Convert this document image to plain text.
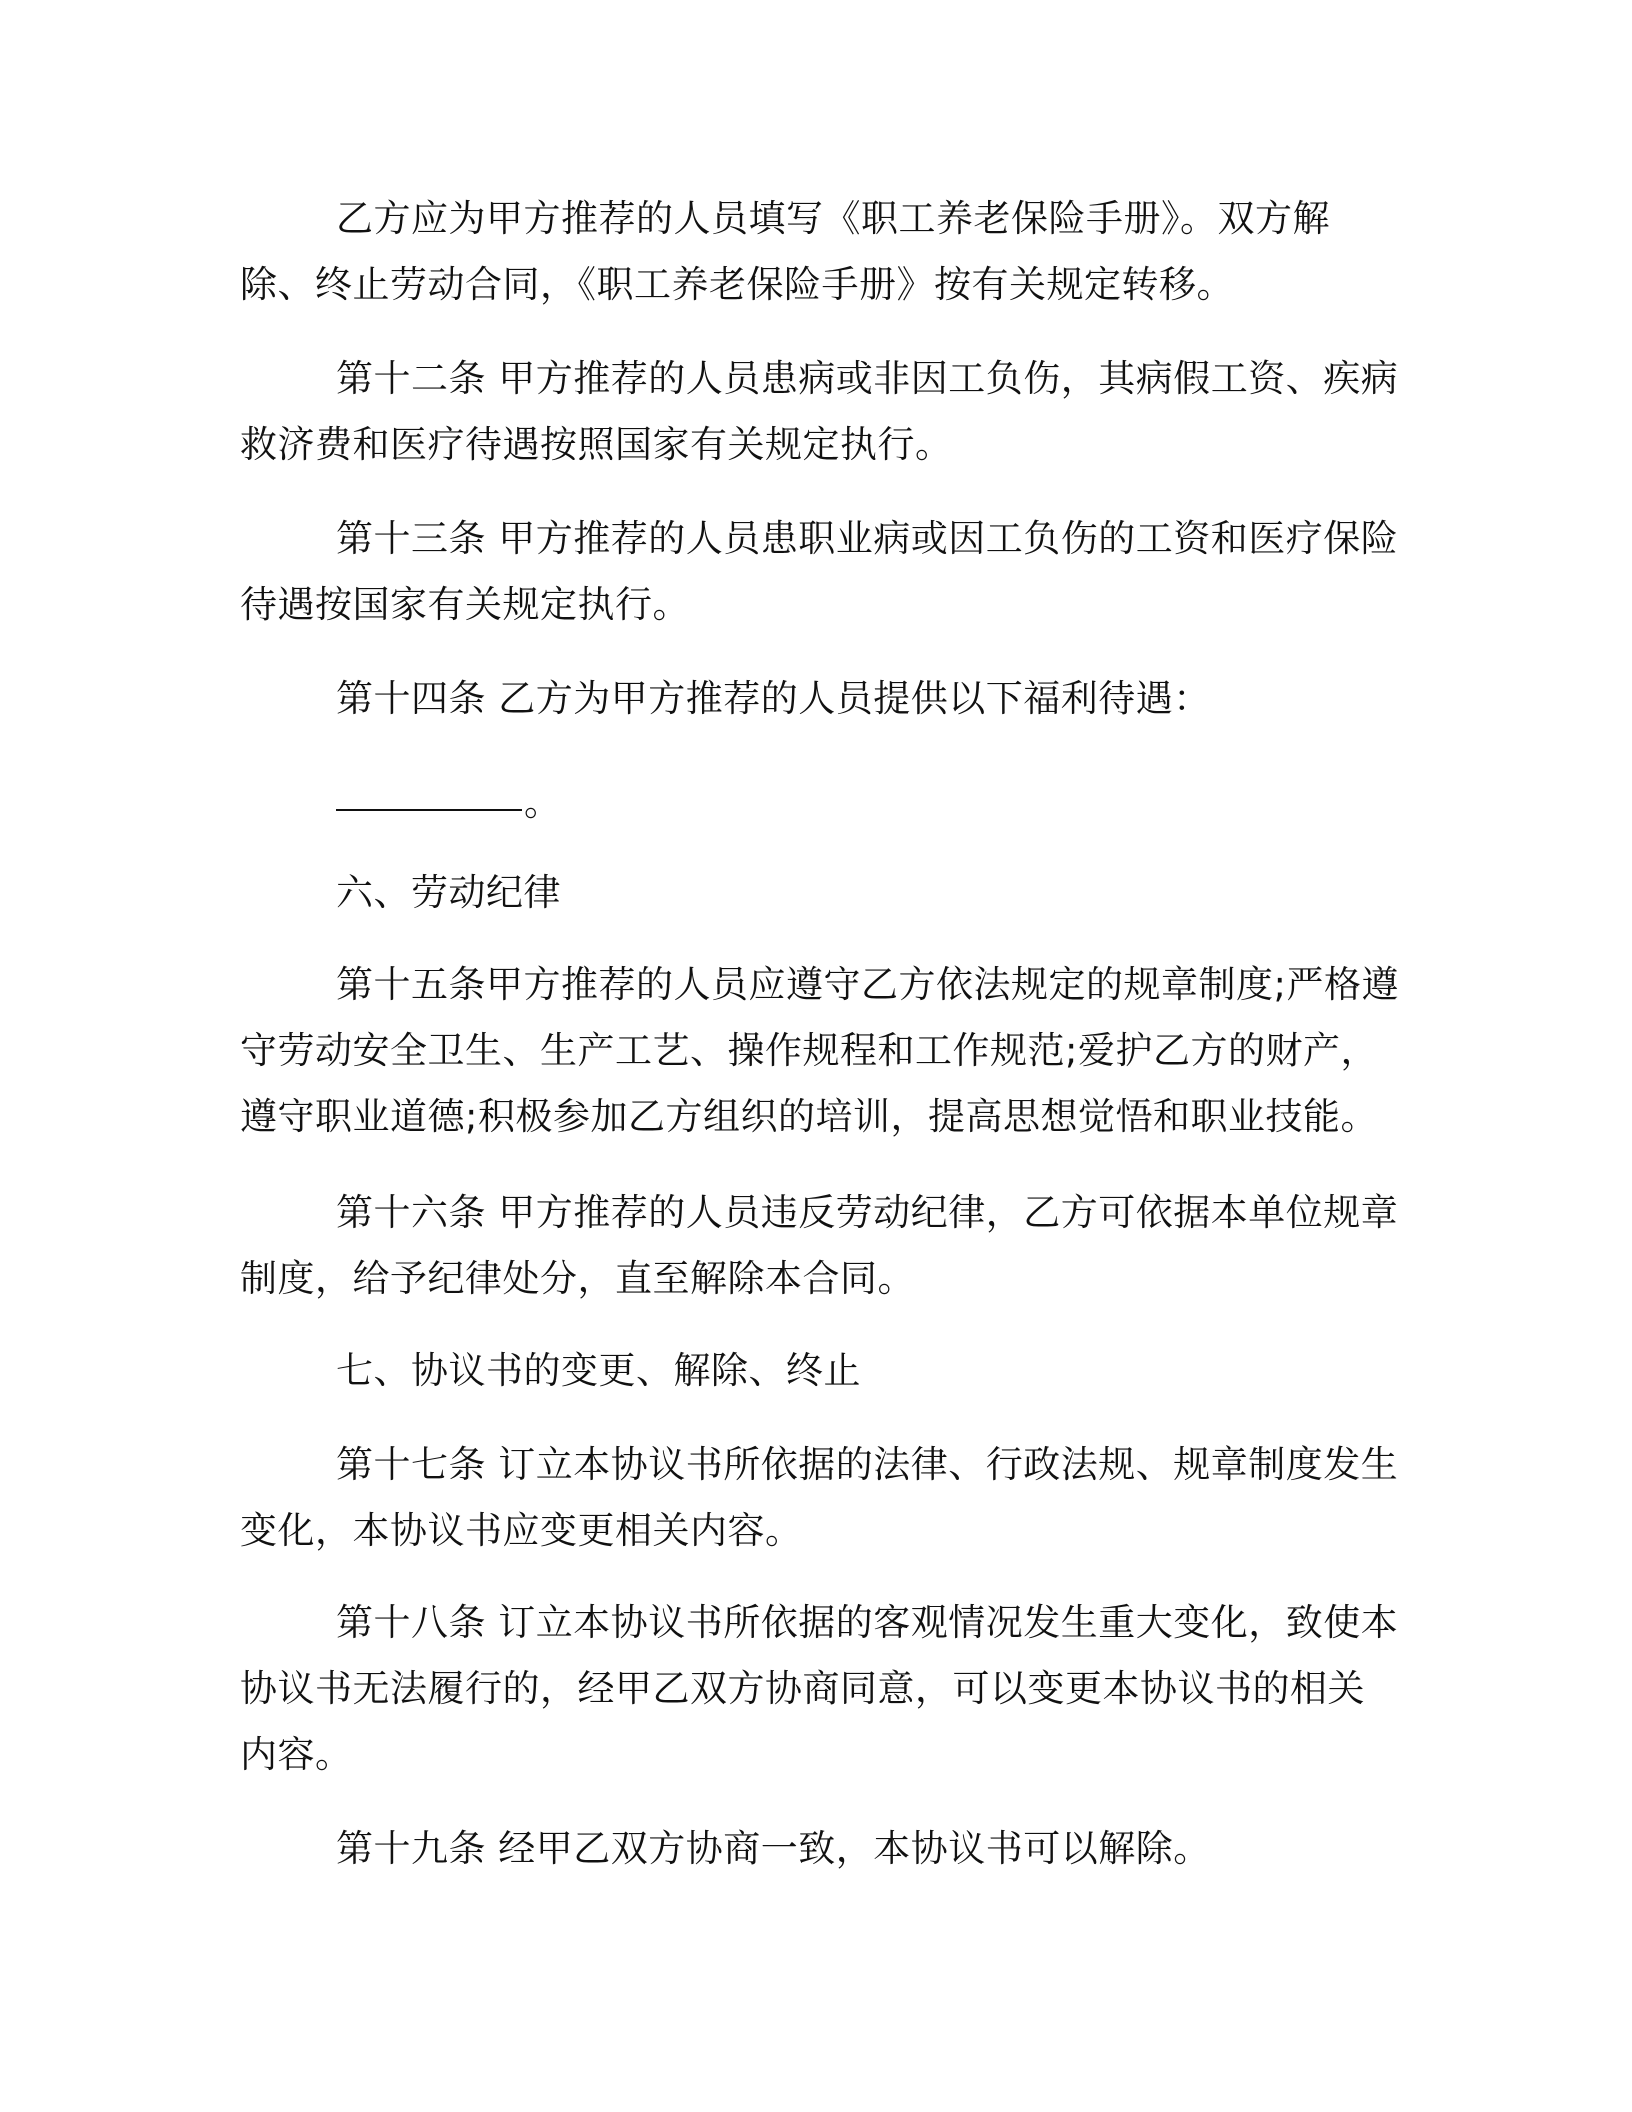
乙方应为甲方推荐的人员填写《职工养老保险手册》。双方解除、终止劳动合同，《职工养老保险手册》按有关规定转移。

第十二条 甲方推荐的人员患病或非因工负伤，其病假工资、疾病救济费和医疗待遇按照国家有关规定执行。

第十三条 甲方推荐的人员患职业病或因工负伤的工资和医疗保险待遇按国家有关规定执行。

第十四条 乙方为甲方推荐的人员提供以下福利待遇：

。

六、劳动纪律

第十五条甲方推荐的人员应遵守乙方依法规定的规章制度;严格遵守劳动安全卫生、生产工艺、操作规程和工作规范;爱护乙方的财产，遵守职业道德;积极参加乙方组织的培训，提高思想觉悟和职业技能。

第十六条 甲方推荐的人员违反劳动纪律，乙方可依据本单位规章制度，给予纪律处分，直至解除本合同。

七、协议书的变更、解除、终止

第十七条 订立本协议书所依据的法律、行政法规、规章制度发生变化，本协议书应变更相关内容。

第十八条 订立本协议书所依据的客观情况发生重大变化，致使本协议书无法履行的，经甲乙双方协商同意，可以变更本协议书的相关内容。

第十九条 经甲乙双方协商一致，本协议书可以解除。
